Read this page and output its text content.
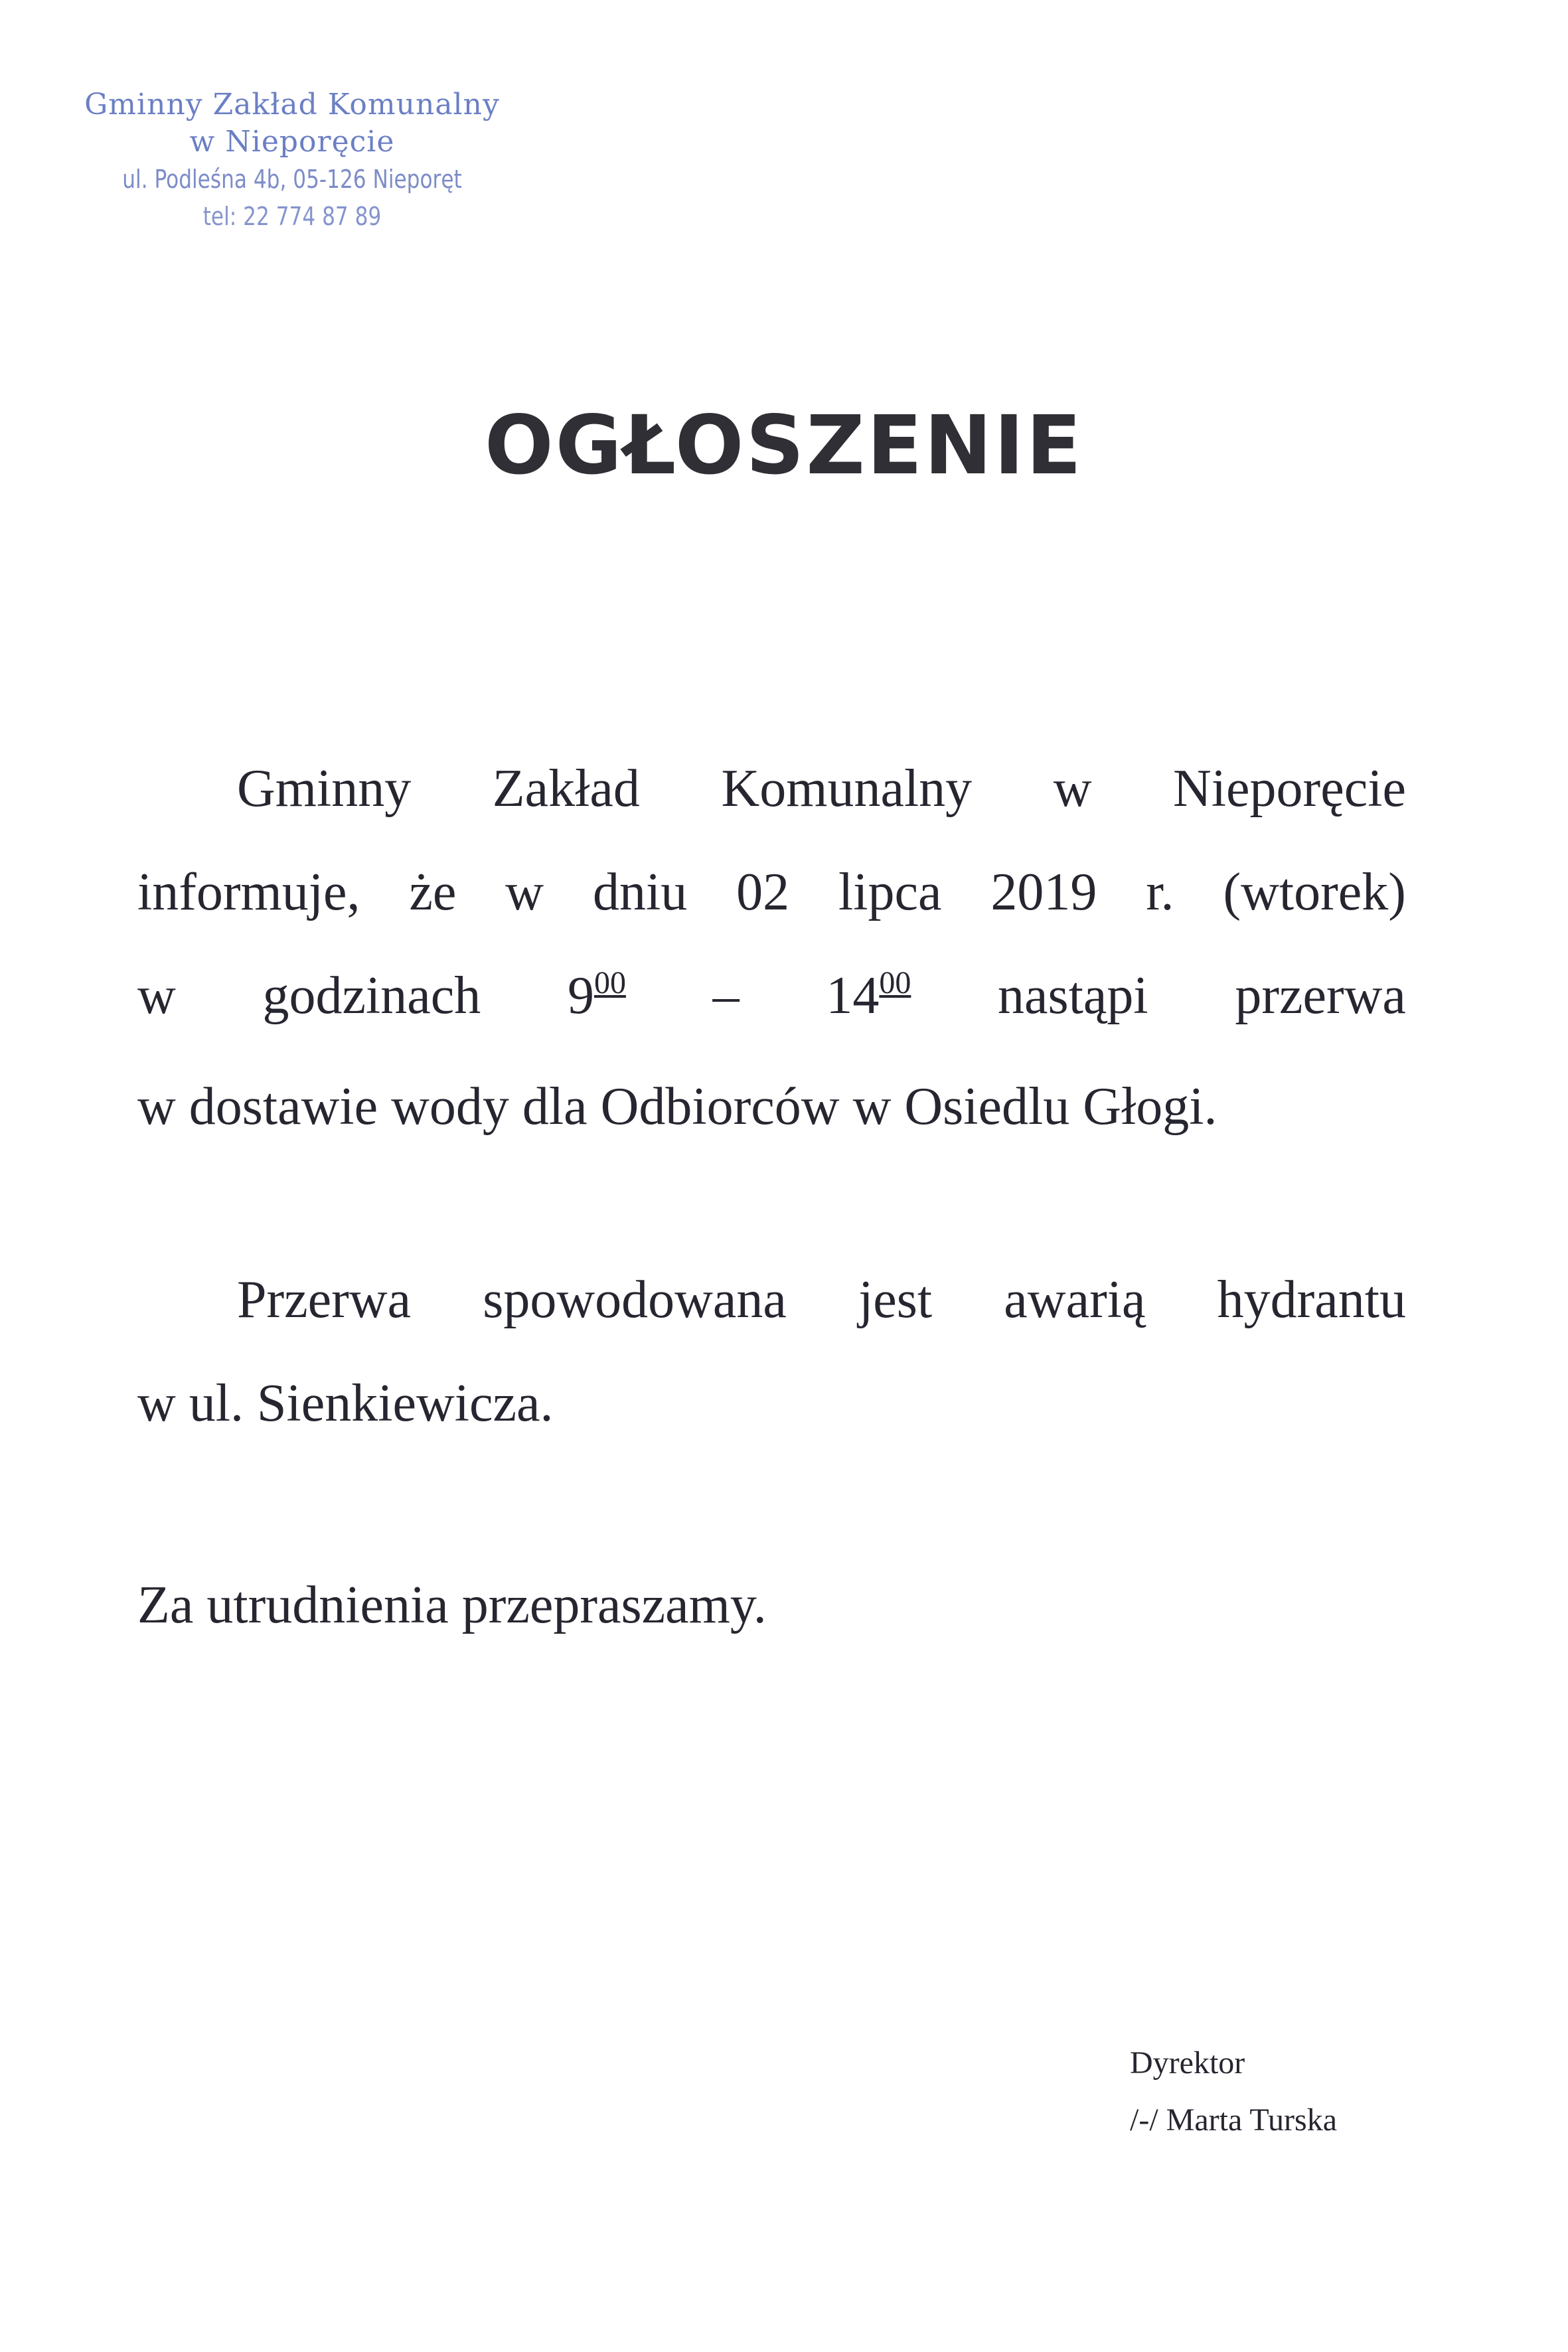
Gminny Zakład Komunalny
w Nieporęcie
ul. Podleśna 4b, 05-126 Nieporęt
tel: 22 774 87 89
OGŁOSZENIE
Gminny Zakład Komunalny w Nieporęcie
informuje, że w dniu 02 lipca 2019 r. (wtorek)
w godzinach $9^{00} - 14^{00}$ nastąpi przerwa
w dostawie wody dla Odbiorców w Osiedlu Głogi.
Przerwa spowodowana jest awarią hydrantu
w ul. Sienkiewicza.
Za utrudnienia przepraszamy.
Dyrektor
/-/ Marta Turska
